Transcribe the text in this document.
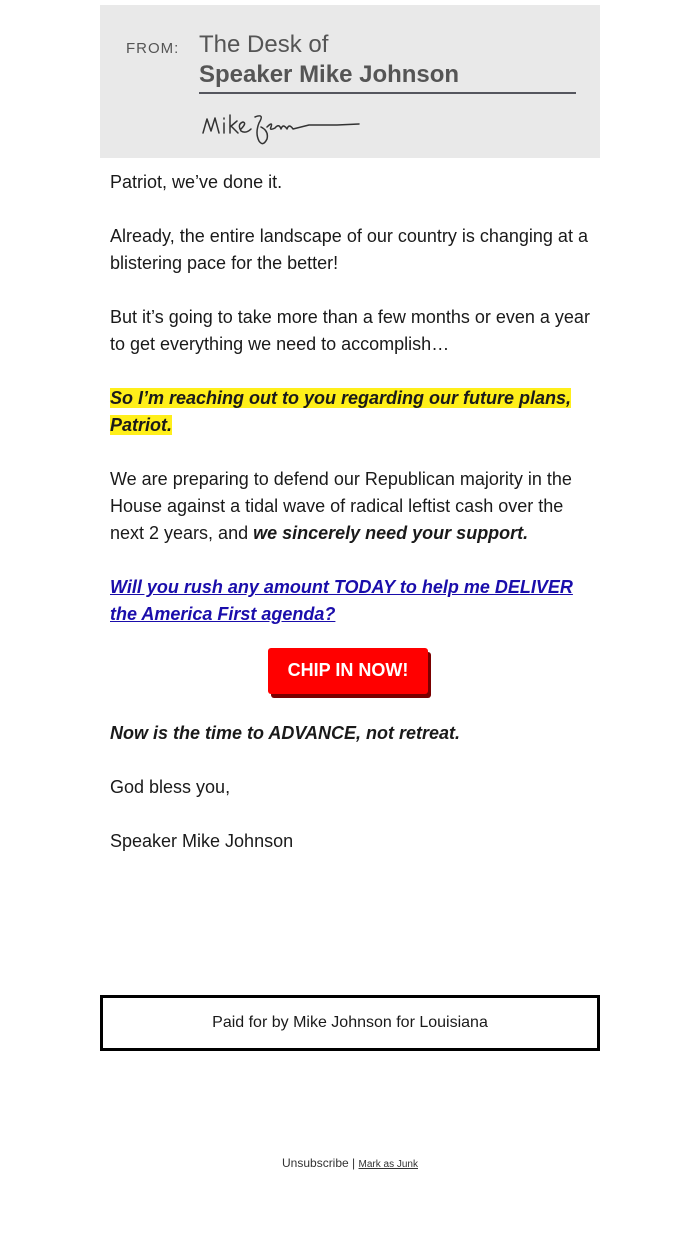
FROM: The Desk of
Speaker Mike Johnson

Patriot, we’ve done it.

Already, the entire landscape of our country is changing at a blistering pace for the better!

But it’s going to take more than a few months or even a year to get everything we need to accomplish…

So I’m reaching out to you regarding our future plans, Patriot.

We are preparing to defend our Republican majority in the House against a tidal wave of radical leftist cash over the next 2 years, and we sincerely need your support.

Will you rush any amount TODAY to help me DELIVER the America First agenda?

CHIP IN NOW!

Now is the time to ADVANCE, not retreat.

God bless you,

Speaker Mike Johnson

Paid for by Mike Johnson for Louisiana
Unsubscribe | Mark as Junk
